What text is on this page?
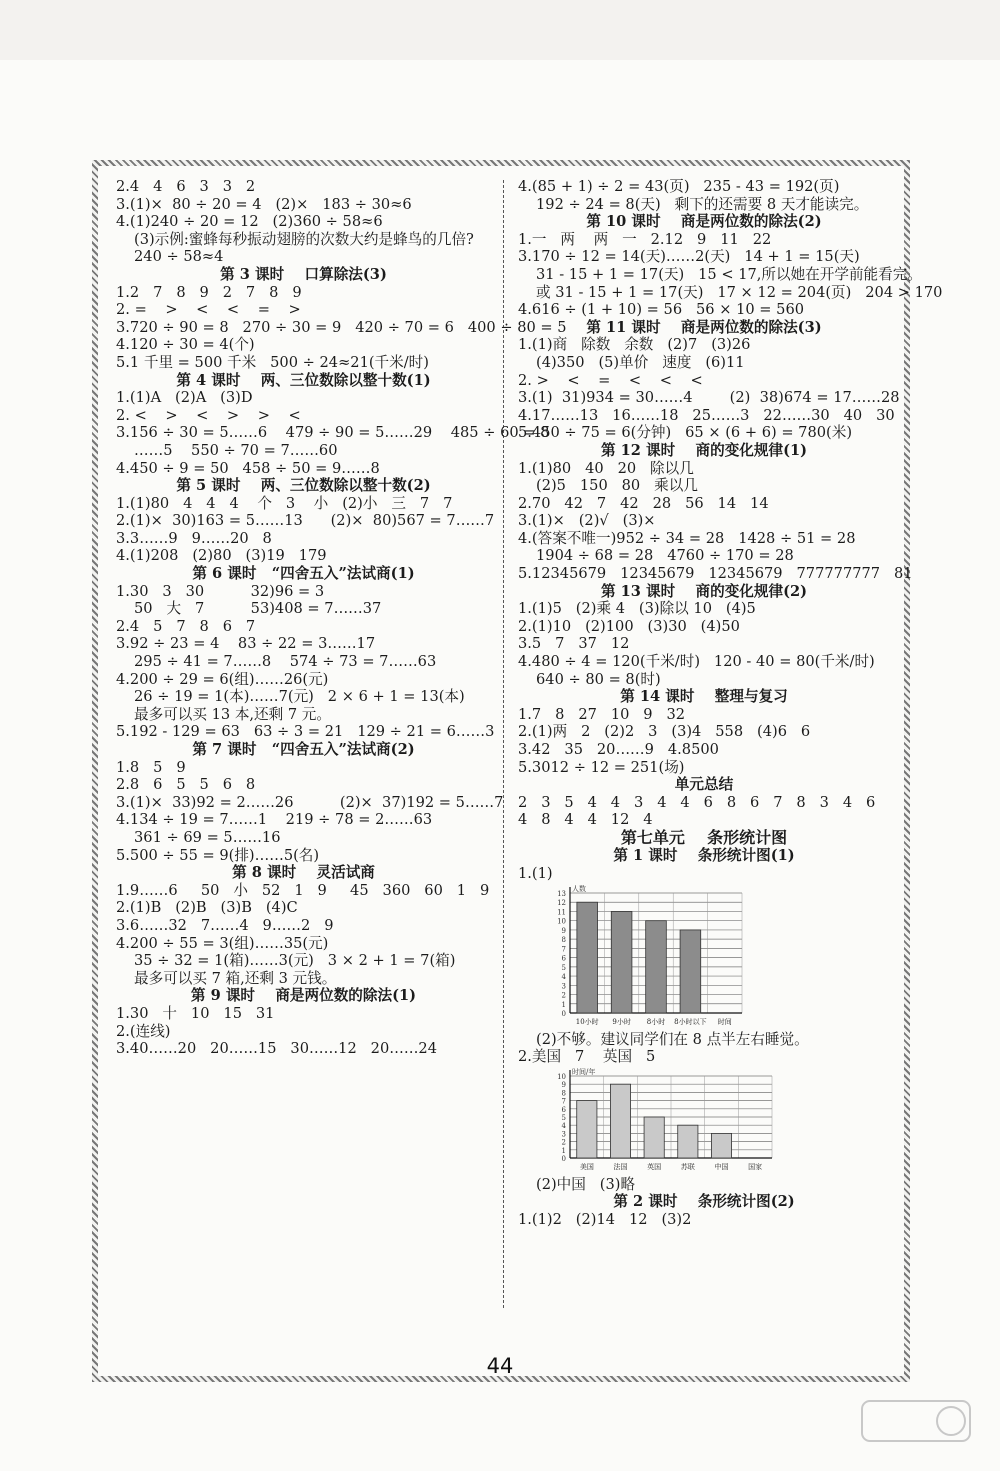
2.4   4   6   3   3   2
3.(1)×  80 ÷ 20 = 4   (2)×   183 ÷ 30≈6
4.(1)240 ÷ 20 = 12   (2)360 ÷ 58≈6
(3)示例:蜜蜂每秒振动翅膀的次数大约是蜂鸟的几倍?
240 ÷ 58≈4
第 3 课时    口算除法(3)
1.2   7   8   9   2   7   8   9
2. =    >    <    <    =    >
3.720 ÷ 90 = 8   270 ÷ 30 = 9   420 ÷ 70 = 6   400 ÷ 80 = 5
4.120 ÷ 30 = 4(个)
5.1 千里 = 500 千米   500 ÷ 24≈21(千米/时)
第 4 课时    两、三位数除以整十数(1)
1.(1)A   (2)A   (3)D
2. <    >    <    >    >    <
3.156 ÷ 30 = 5……6    479 ÷ 90 = 5……29    485 ÷ 60 = 8
……5    550 ÷ 70 = 7……60
4.450 ÷ 9 = 50   458 ÷ 50 = 9……8
第 5 课时    两、三位数除以整十数(2)
1.(1)80   4   4   4    个   3    小   (2)小   三   7   7
2.(1)×  30)163 = 5……13      (2)×  80)567 = 7……7
3.3……9   9……20   8
4.(1)208   (2)80   (3)19   179
第 6 课时   “四舍五入”法试商(1)
1.30   3   30          32)96 = 3
50   大   7          53)408 = 7……37
2.4   5   7   8   6   7
3.92 ÷ 23 = 4    83 ÷ 22 = 3……17
295 ÷ 41 = 7……8    574 ÷ 73 = 7……63
4.200 ÷ 29 = 6(组)……26(元)
26 ÷ 19 = 1(本)……7(元)   2 × 6 + 1 = 13(本)
最多可以买 13 本,还剩 7 元。
5.192 - 129 = 63   63 ÷ 3 = 21   129 ÷ 21 = 6……3
第 7 课时   “四舍五入”法试商(2)
1.8   5   9
2.8   6   5   5   6   8
3.(1)×  33)92 = 2……26          (2)×  37)192 = 5……7
4.134 ÷ 19 = 7……1    219 ÷ 78 = 2……63
361 ÷ 69 = 5……16
5.500 ÷ 55 = 9(排)……5(名)
第 8 课时    灵活试商
1.9……6     50   小   52   1   9     45   360   60   1   9
2.(1)B   (2)B   (3)B   (4)C
3.6……32   7……4   9……2   9
4.200 ÷ 55 = 3(组)……35(元)
35 ÷ 32 = 1(箱)……3(元)   3 × 2 + 1 = 7(箱)
最多可以买 7 箱,还剩 3 元钱。
第 9 课时    商是两位数的除法(1)
1.30   十   10   15   31
2.(连线)
3.40……20   20……15   30……12   20……24
4.(85 + 1) ÷ 2 = 43(页)   235 - 43 = 192(页)
192 ÷ 24 = 8(天)   剩下的还需要 8 天才能读完。
第 10 课时    商是两位数的除法(2)
1.一   两    两   一   2.12   9   11   22
3.170 ÷ 12 = 14(天)……2(天)   14 + 1 = 15(天)
31 - 15 + 1 = 17(天)   15 < 17,所以她在开学前能看完。
或 31 - 15 + 1 = 17(天)   17 × 12 = 204(页)   204 > 170
4.616 ÷ (1 + 10) = 56   56 × 10 = 560
第 11 课时    商是两位数的除法(3)
1.(1)商   除数   余数   (2)7   (3)26
(4)350   (5)单价   速度   (6)11
2. >    <    =    <    <    <
3.(1)  31)934 = 30……4        (2)  38)674 = 17……28
4.17……13   16……18   25……3   22……30   40   30
5.450 ÷ 75 = 6(分钟)   65 × (6 + 6) = 780(米)
第 12 课时    商的变化规律(1)
1.(1)80   40   20   除以几
(2)5   150   80   乘以几
2.70   42   7   42   28   56   14   14
3.(1)×   (2)√   (3)×
4.(答案不唯一)952 ÷ 34 = 28   1428 ÷ 51 = 28
1904 ÷ 68 = 28   4760 ÷ 170 = 28
5.12345679   12345679   12345679   777777777   81
第 13 课时    商的变化规律(2)
1.(1)5   (2)乘 4   (3)除以 10   (4)5
2.(1)10   (2)100   (3)30   (4)50
3.5   7   37   12
4.480 ÷ 4 = 120(千米/时)   120 - 40 = 80(千米/时)
640 ÷ 80 = 8(时)
第 14 课时    整理与复习
1.7   8   27   10   9   32
2.(1)两   2   (2)2   3   (3)4   558   (4)6   6
3.42   35   20……9   4.8500
5.3012 ÷ 12 = 251(场)
单元总结
2   3   5   4   4   3   4   4   6   8   6   7   8   3   4   6
4   8   4   4   12   4
第七单元    条形统计图
第 1 课时    条形统计图(1)
1.(1)
0
1
2
3
4
5
6
7
8
9
10
11
12
13
人数
10小时 9小时 8小时 8小时以下 时间
(2)不够。建议同学们在 8 点半左右睡觉。
2.美国   7    英国   5
0
1
2
3
4
5
6
7
8
9
10
时间/年
美国	法国	英国	苏联	中国	国家
(2)中国   (3)略
第 2 课时    条形统计图(2)
1.(1)2   (2)14   12   (3)2
44
